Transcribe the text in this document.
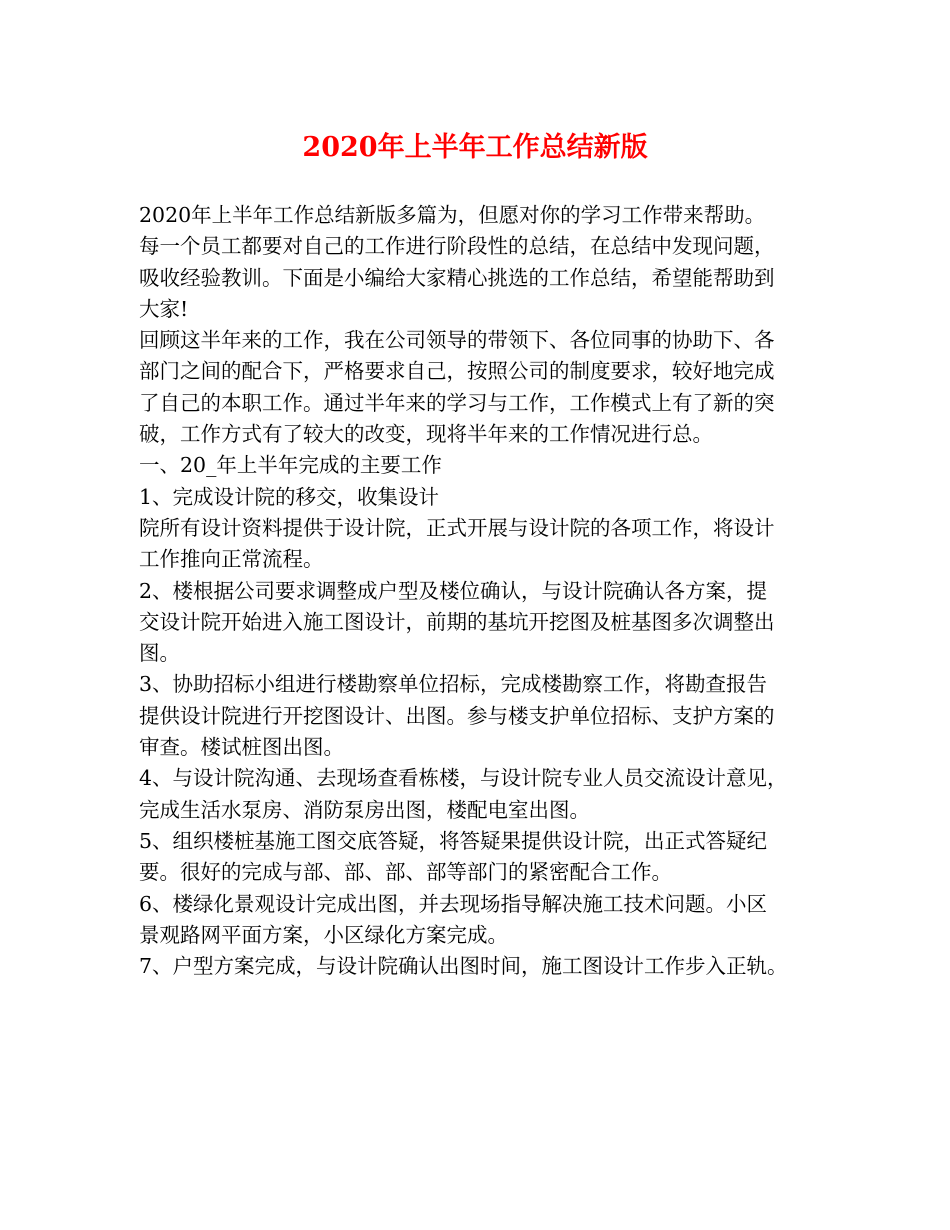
2020年上半年工作总结新版
2020年上半年工作总结新版多篇为，但愿对你的学习工作带来帮助。
每一个员工都要对自己的工作进行阶段性的总结，在总结中发现问题，
吸收经验教训。下面是小编给大家精心挑选的工作总结，希望能帮助到
大家!
回顾这半年来的工作，我在公司领导的带领下、各位同事的协助下、各
部门之间的配合下，严格要求自己，按照公司的制度要求，较好地完成
了自己的本职工作。通过半年来的学习与工作，工作模式上有了新的突
破，工作方式有了较大的改变，现将半年来的工作情况进行总。
一、20_年上半年完成的主要工作
1、完成设计院的移交，收集设计
院所有设计资料提供于设计院，正式开展与设计院的各项工作，将设计
工作推向正常流程。
2、楼根据公司要求调整成户型及楼位确认，与设计院确认各方案，提
交设计院开始进入施工图设计，前期的基坑开挖图及桩基图多次调整出
图。
3、协助招标小组进行楼勘察单位招标，完成楼勘察工作，将勘查报告
提供设计院进行开挖图设计、出图。参与楼支护单位招标、支护方案的
审查。楼试桩图出图。
4、与设计院沟通、去现场查看栋楼，与设计院专业人员交流设计意见，
完成生活水泵房、消防泵房出图，楼配电室出图。
5、组织楼桩基施工图交底答疑，将答疑果提供设计院，出正式答疑纪
要。很好的完成与部、部、部、部等部门的紧密配合工作。
6、楼绿化景观设计完成出图，并去现场指导解决施工技术问题。小区
景观路网平面方案，小区绿化方案完成。
7、户型方案完成，与设计院确认出图时间，施工图设计工作步入正轨。
